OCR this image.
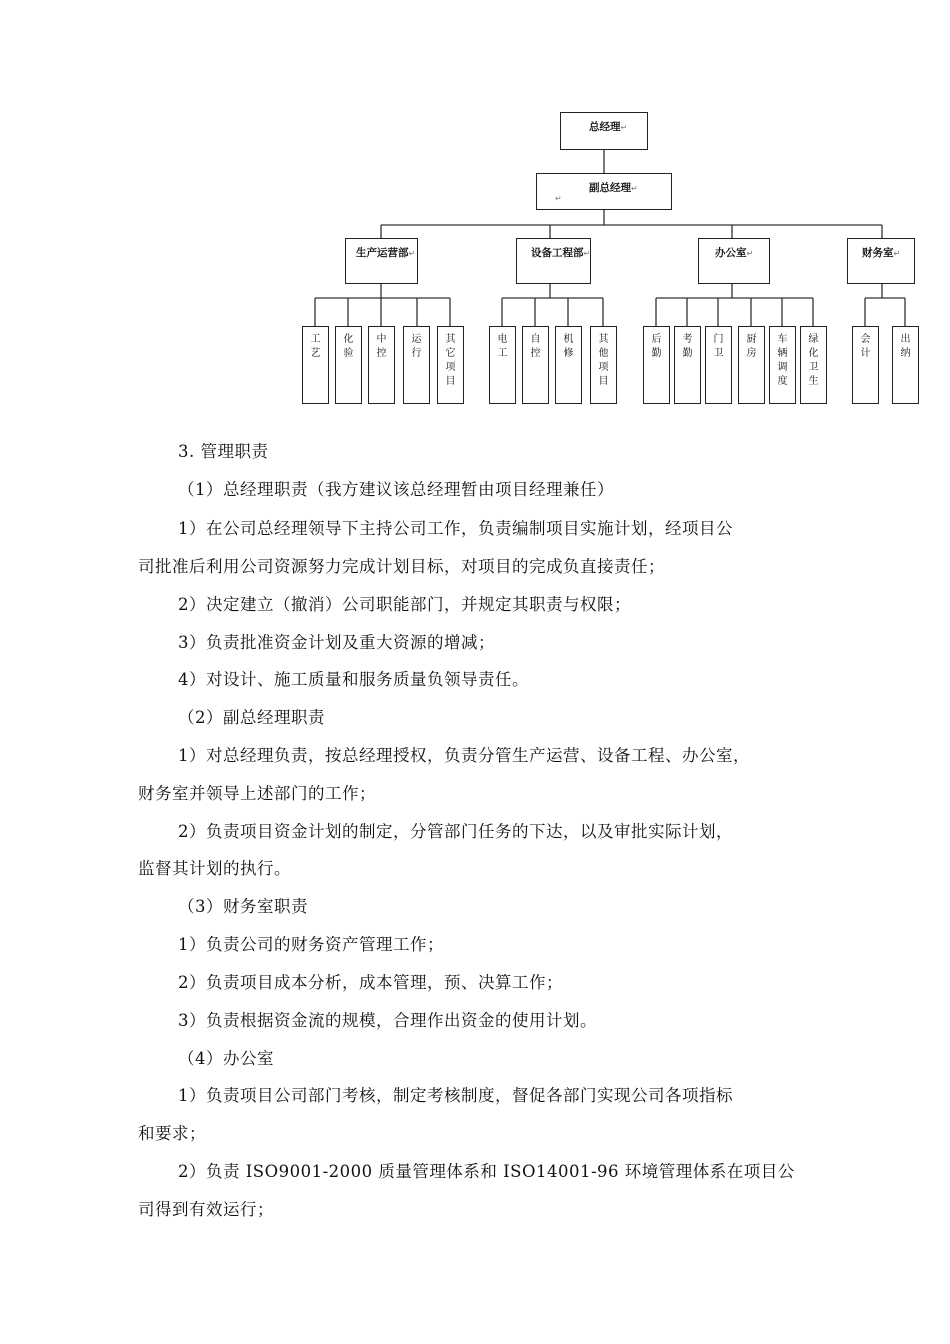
总经理↵
副总经理↵
↵
生产运营部↵	设备工程部↵	办公室↵	财务室↵
工
艺
化
验
中
控
运
行
其
它
项
目
电
工
自
控
机
修
其
他
项
目
后
勤
考
勤
门
卫
厨
房
车
辆
调
度
绿
化
卫
生
会
计
出
纳
3. 管理职责
（1）总经理职责（我方建议该总经理暂由项目经理兼任）
1）在公司总经理领导下主持公司工作，负责编制项目实施计划，经项目公
司批准后利用公司资源努力完成计划目标，对项目的完成负直接责任；
2）决定建立（撤消）公司职能部门，并规定其职责与权限；
3）负责批准资金计划及重大资源的增减；
4）对设计、施工质量和服务质量负领导责任。
（2）副总经理职责
1）对总经理负责，按总经理授权，负责分管生产运营、设备工程、办公室，
财务室并领导上述部门的工作；
2）负责项目资金计划的制定，分管部门任务的下达，以及审批实际计划，
监督其计划的执行。
（3）财务室职责
1）负责公司的财务资产管理工作；
2）负责项目成本分析，成本管理，预、决算工作；
3）负责根据资金流的规模，合理作出资金的使用计划。
（4）办公室
1）负责项目公司部门考核，制定考核制度，督促各部门实现公司各项指标
和要求；
2）负责 ISO9001-2000 质量管理体系和 ISO14001-96 环境管理体系在项目公
司得到有效运行；
